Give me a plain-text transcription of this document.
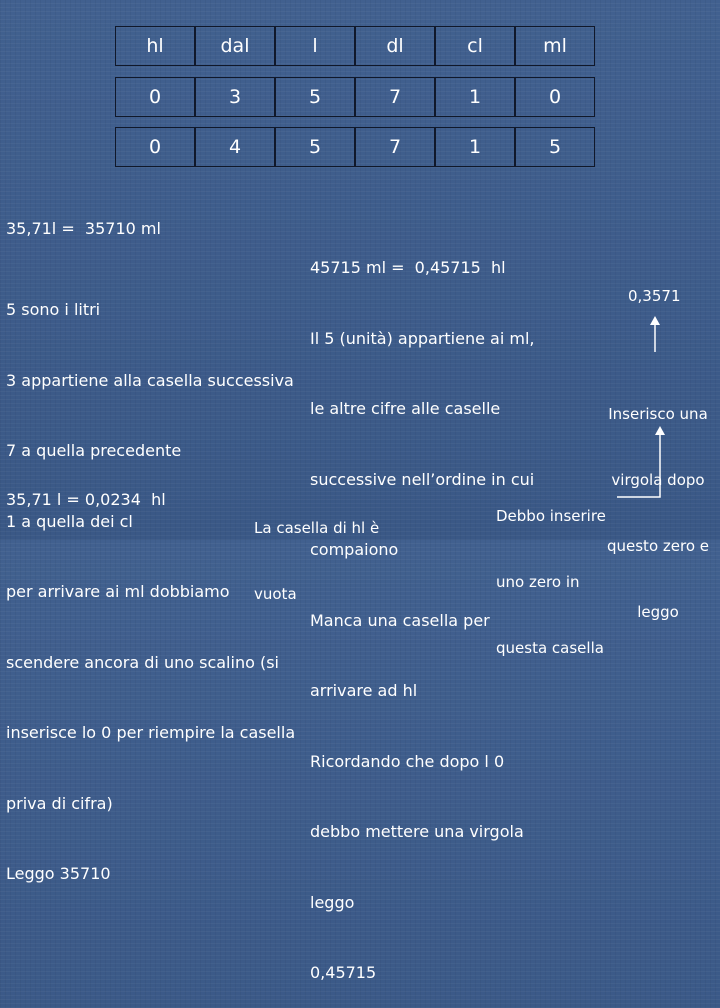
hl	dal	l	dl	cl	ml
0	3	5	7	1	0
0	4	5	7	1	5
35,71l =  35710 ml

5 sono i litri

3 appartiene alla casella successiva

7 a quella precedente

1 a quella dei cl

per arrivare ai ml dobbiamo

scendere ancora di uno scalino (si

inserisce lo 0 per riempire la casella

priva di cifra)

Leggo 35710

35,71 l = 0,0234  hl

45715 ml =  0,45715  hl

Il 5 (unità) appartiene ai ml,

le altre cifre alle caselle

successive nell’ordine in cui

compaiono

Manca una casella per

arrivare ad hl

Ricordando che dopo l 0

debbo mettere una virgola

leggo

0,45715

La casella di hl è

vuota

0,3571

Inserisco una

virgola dopo

questo zero e

leggo

Debbo inserire

uno zero in

questa casella
